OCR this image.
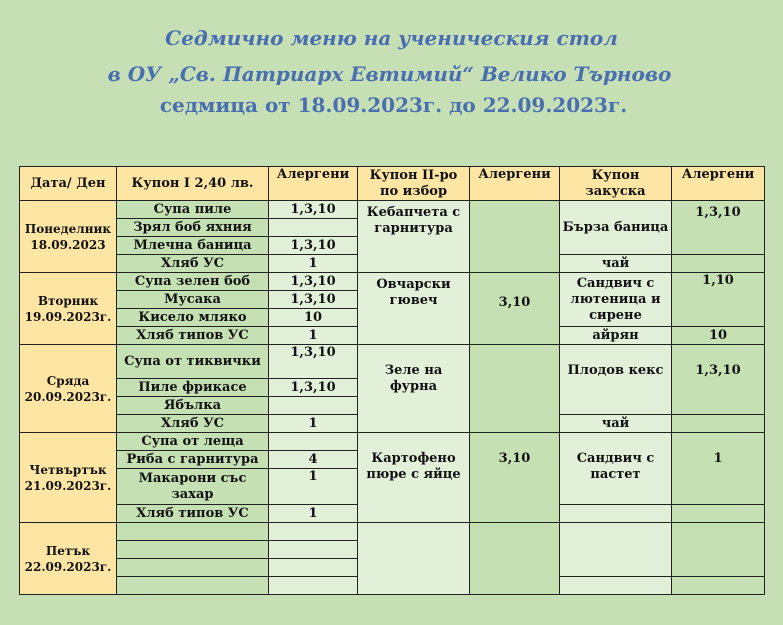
Седмично меню на ученическия стол
в ОУ „Св. Патриарх Евтимий“ Велико Търново
седмица от 18.09.2023г. до 22.09.2023г.
Дата/ Ден	Купон I 2,40 лв.	Алергени	Купон II-ро по избор	Алергени	Купон закуска	Алергени
Понеделник 18.09.2023	Супа пиле	1,3,10	Кебапчета с гарнитура		Бърза баница	1,3,10
	Зрял боб яхния					
	Млечна баница	1,3,10				
	Хляб УС	1			чай	
Вторник 19.09.2023г.	Супа зелен боб	1,3,10	Овчарски гювеч	3,10	Сандвич с лютеница и сирене	1,10
	Мусака	1,3,10				
	Кисело мляко	10				
	Хляб типов УС	1			айрян	10
Сряда 20.09.2023г.	Супа от тиквички	1,3,10	Зеле на фурна		Плодов кекс	1,3,10
	Пиле фрикасе	1,3,10				
	Ябълка					
	Хляб УС	1			чай	
Четвъртък 21.09.2023г.	Супа от леща		Картофено пюре с яйце	3,10	Сандвич с пастет	1
	Риба с гарнитура	4				
	Макарони със захар	1				
	Хляб типов УС	1				
Петък 22.09.2023г.						
